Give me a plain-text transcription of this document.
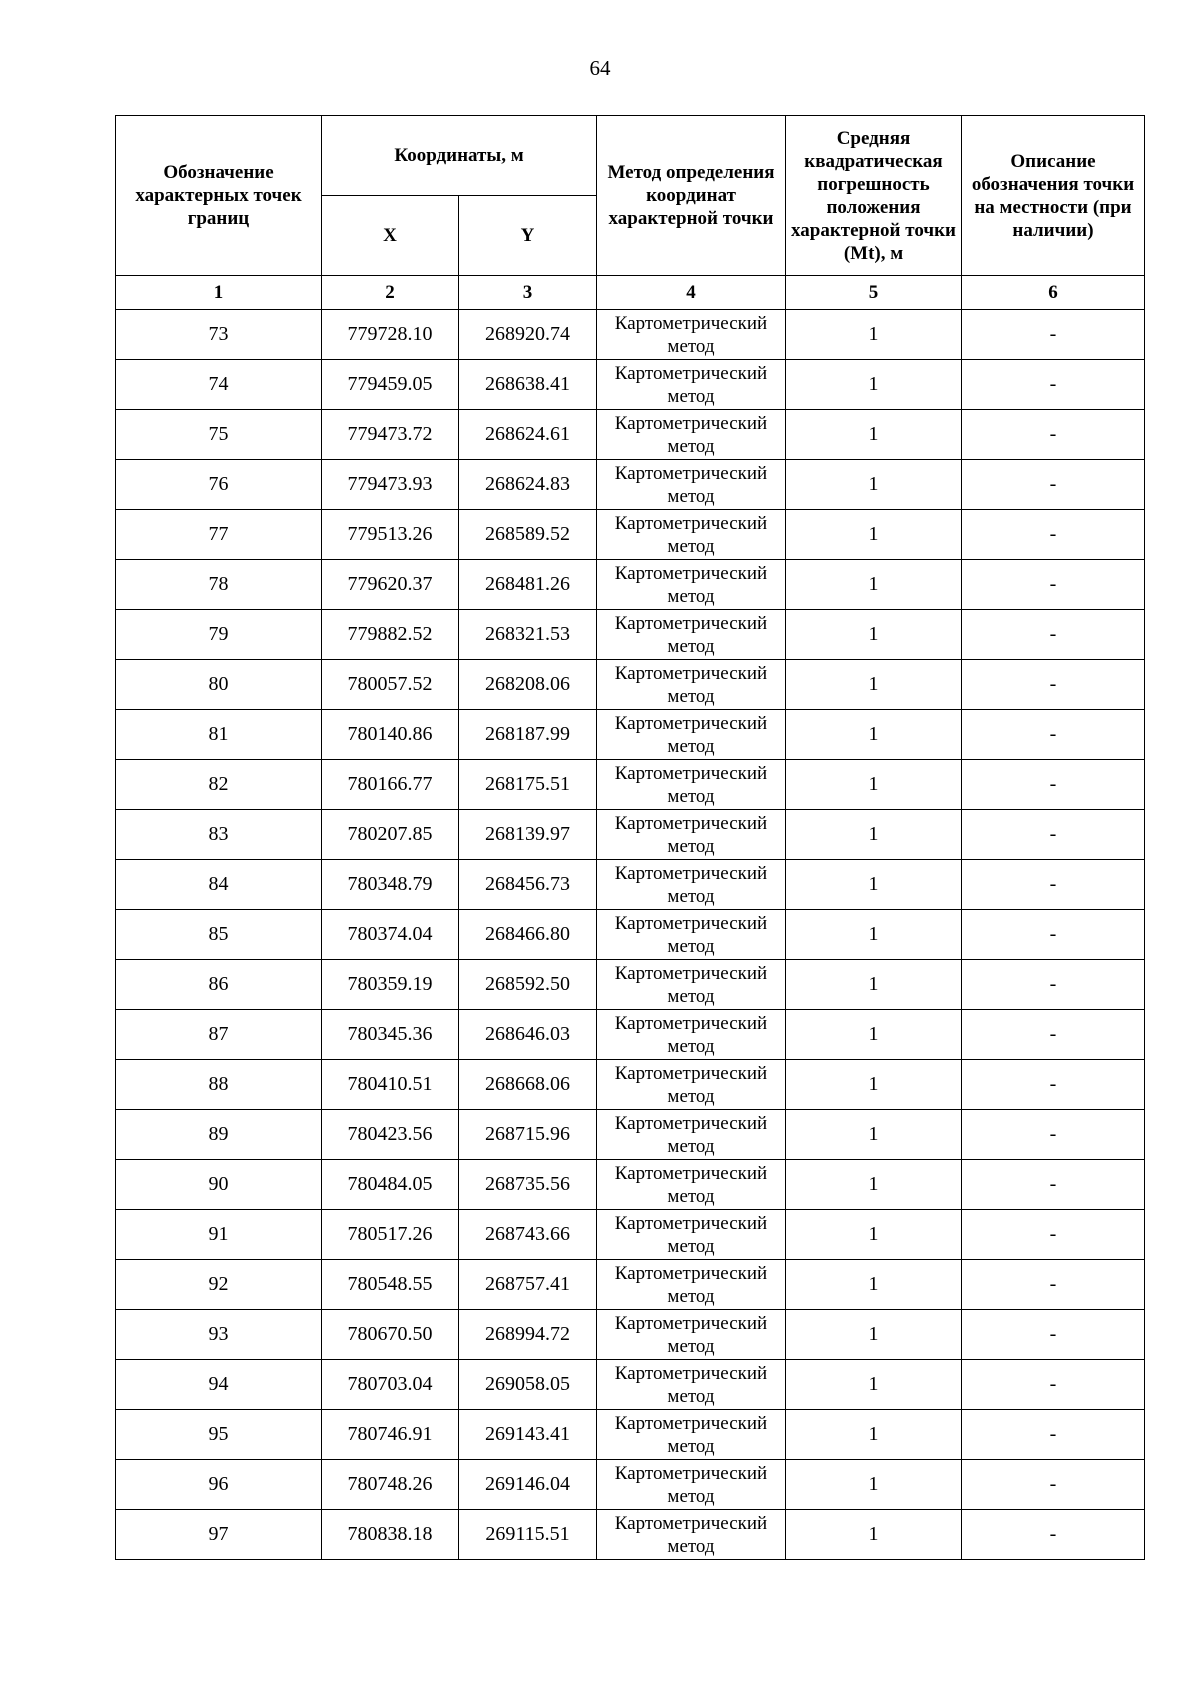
64
Обозначение характерных точек границ	Координаты, м		Метод определения координат характерной точки	Средняя квадратическая погрешность положения характерной точки (Mt), м	Описание обозначения точки на местности (при наличии)
	X	Y			
1	2	3	4	5	6
73	779728.10	268920.74	Картометрический метод	1	-
74	779459.05	268638.41	Картометрический метод	1	-
75	779473.72	268624.61	Картометрический метод	1	-
76	779473.93	268624.83	Картометрический метод	1	-
77	779513.26	268589.52	Картометрический метод	1	-
78	779620.37	268481.26	Картометрический метод	1	-
79	779882.52	268321.53	Картометрический метод	1	-
80	780057.52	268208.06	Картометрический метод	1	-
81	780140.86	268187.99	Картометрический метод	1	-
82	780166.77	268175.51	Картометрический метод	1	-
83	780207.85	268139.97	Картометрический метод	1	-
84	780348.79	268456.73	Картометрический метод	1	-
85	780374.04	268466.80	Картометрический метод	1	-
86	780359.19	268592.50	Картометрический метод	1	-
87	780345.36	268646.03	Картометрический метод	1	-
88	780410.51	268668.06	Картометрический метод	1	-
89	780423.56	268715.96	Картометрический метод	1	-
90	780484.05	268735.56	Картометрический метод	1	-
91	780517.26	268743.66	Картометрический метод	1	-
92	780548.55	268757.41	Картометрический метод	1	-
93	780670.50	268994.72	Картометрический метод	1	-
94	780703.04	269058.05	Картометрический метод	1	-
95	780746.91	269143.41	Картометрический метод	1	-
96	780748.26	269146.04	Картометрический метод	1	-
97	780838.18	269115.51	Картометрический метод	1	-
